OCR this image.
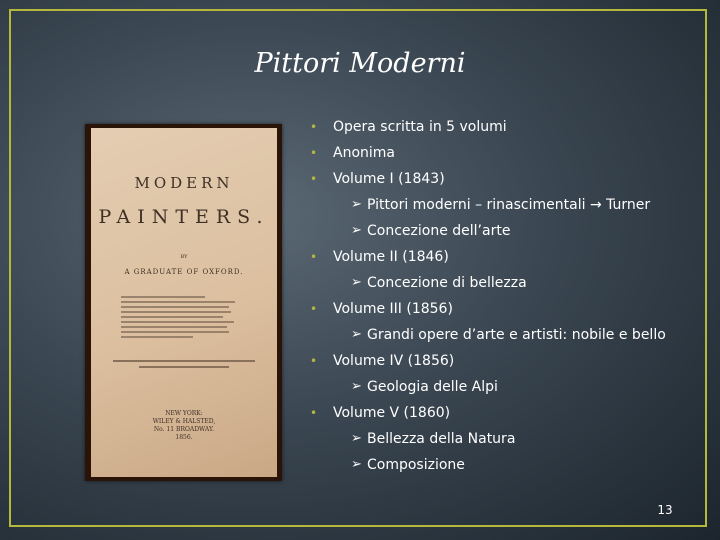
Pittori Moderni
MODERN
PAINTERS.
BY
A GRADUATE OF OXFORD.
NEW YORK:
WILEY & HALSTED,
No. 11 BROADWAY.
1856.
• Opera scritta in 5 volumi
• Anonima
• Volume I (1843)
➢ Pittori moderni – rinascimentali → Turner
➢ Concezione dell’arte
• Volume II (1846)
➢ Concezione di bellezza
• Volume III (1856)
➢ Grandi opere d’arte e artisti: nobile e bello
• Volume IV (1856)
➢ Geologia delle Alpi
• Volume V (1860)
➢ Bellezza della Natura
➢ Composizione
13
